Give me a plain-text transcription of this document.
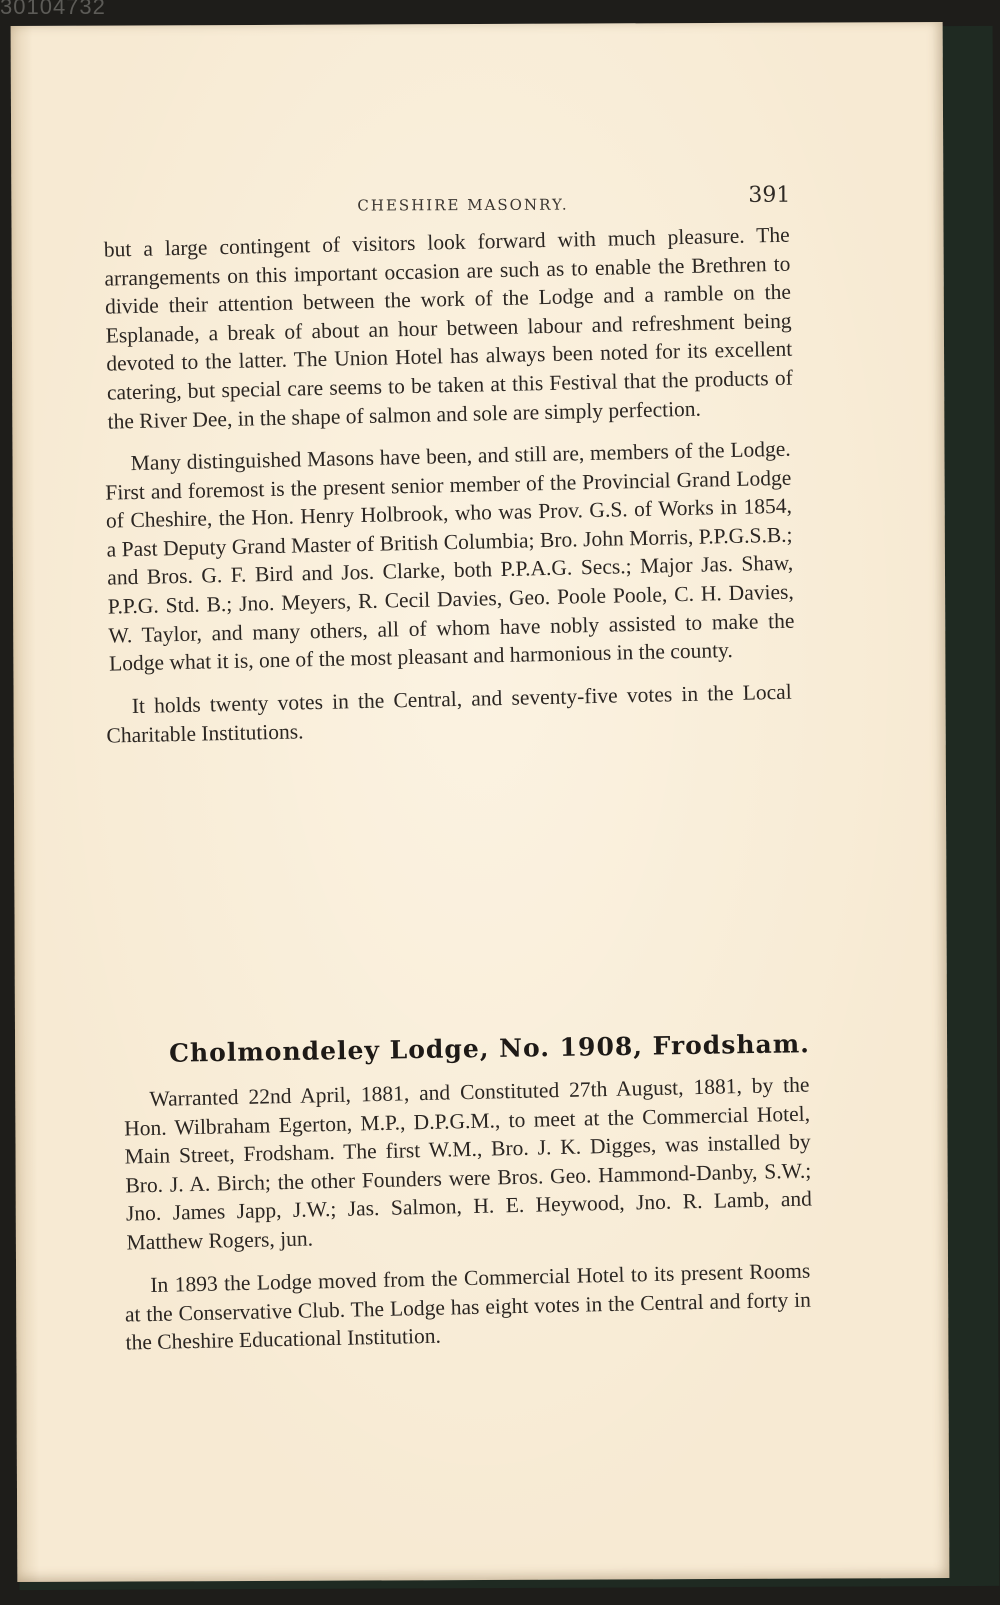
30104732
CHESHIRE MASONRY.	391

but a large contingent of visitors look forward with much pleasure. The arrangements on this important occasion are such as to enable the Brethren to divide their attention between the work of the Lodge and a ramble on the Esplanade, a break of about an hour between labour and refreshment being devoted to the latter. The Union Hotel has always been noted for its excellent catering, but special care seems to be taken at this Festival that the products of the River Dee, in the shape of salmon and sole are simply perfection.

Many distinguished Masons have been, and still are, members of the Lodge. First and foremost is the present senior member of the Provincial Grand Lodge of Cheshire, the Hon. Henry Holbrook, who was Prov. G.S. of Works in 1854, a Past Deputy Grand Master of British Columbia; Bro. John Morris, P.P.G.S.B.; and Bros. G. F. Bird and Jos. Clarke, both P.P.A.G. Secs.; Major Jas. Shaw, P.P.G. Std. B.; Jno. Meyers, R. Cecil Davies, Geo. Poole Poole, C. H. Davies, W. Taylor, and many others, all of whom have nobly assisted to make the Lodge what it is, one of the most pleasant and harmonious in the county.

It holds twenty votes in the Central, and seventy-five votes in the Local Charitable Institutions.

Cholmondeley Lodge, No. 1908, Frodsham.

Warranted 22nd April, 1881, and Constituted 27th August, 1881, by the Hon. Wilbraham Egerton, M.P., D.P.G.M., to meet at the Commercial Hotel, Main Street, Frodsham. The first W.M., Bro. J. K. Digges, was installed by Bro. J. A. Birch; the other Founders were Bros. Geo. Hammond-Danby, S.W.; Jno. James Japp, J.W.; Jas. Salmon, H. E. Heywood, Jno. R. Lamb, and Matthew Rogers, jun.

In 1893 the Lodge moved from the Commercial Hotel to its present Rooms at the Conservative Club. The Lodge has eight votes in the Central and forty in the Cheshire Educational Institution.
